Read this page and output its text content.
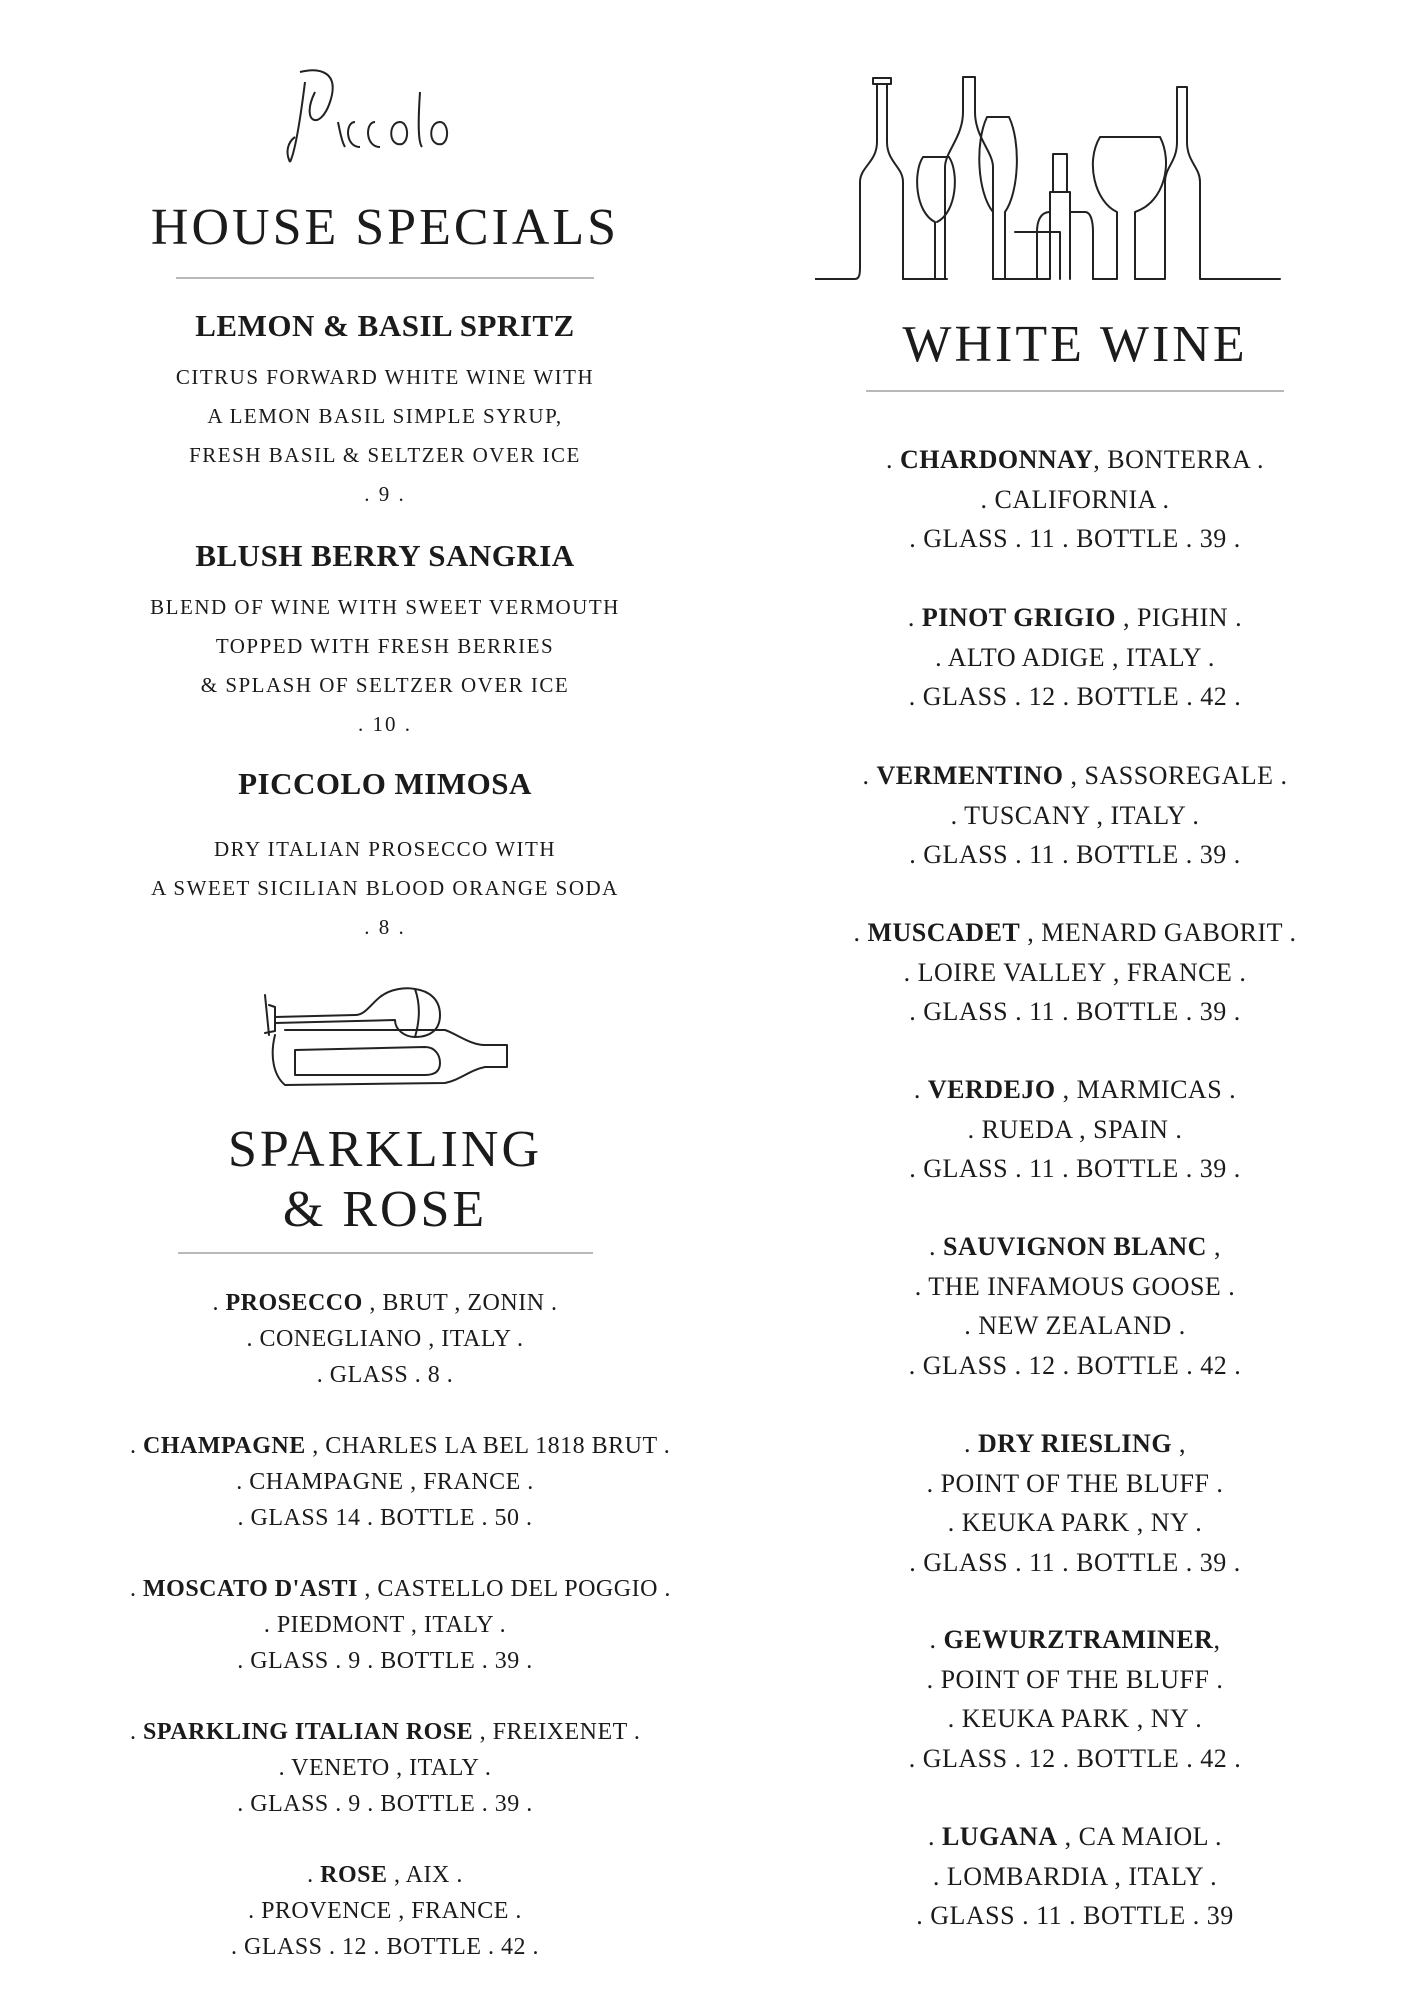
HOUSE SPECIALS

LEMON & BASIL SPRITZ

CITRUS FORWARD WHITE WINE WITH

A LEMON BASIL SIMPLE SYRUP,

FRESH BASIL & SELTZER OVER ICE

. 9 .

BLUSH BERRY SANGRIA

BLEND OF WINE WITH SWEET VERMOUTH

TOPPED WITH FRESH BERRIES

& SPLASH OF SELTZER OVER ICE

. 10 .

PICCOLO MIMOSA

DRY ITALIAN PROSECCO WITH

A SWEET SICILIAN BLOOD ORANGE SODA

. 8 .

SPARKLING
& ROSE
. PROSECCO , BRUT , ZONIN .
. CONEGLIANO , ITALY .
. GLASS . 8 .
. CHAMPAGNE , CHARLES LA BEL 1818 BRUT .
. CHAMPAGNE , FRANCE .
. GLASS 14 . BOTTLE . 50 .
. MOSCATO D'ASTI , CASTELLO DEL POGGIO .
. PIEDMONT , ITALY .
. GLASS . 9 . BOTTLE . 39 .
. SPARKLING ITALIAN ROSE , FREIXENET .
. VENETO , ITALY .
. GLASS . 9 . BOTTLE . 39 .
. ROSE , AIX .
. PROVENCE , FRANCE .
. GLASS . 12 . BOTTLE . 42 .
WHITE WINE
. CHARDONNAY, BONTERRA .
. CALIFORNIA .
. GLASS . 11 . BOTTLE . 39 .
. PINOT GRIGIO , PIGHIN .
. ALTO ADIGE , ITALY .
. GLASS . 12 . BOTTLE . 42 .
. VERMENTINO , SASSOREGALE .
. TUSCANY , ITALY .
. GLASS . 11 . BOTTLE . 39 .
. MUSCADET , MENARD GABORIT .
. LOIRE VALLEY , FRANCE .
. GLASS . 11 . BOTTLE . 39 .
. VERDEJO , MARMICAS .
. RUEDA , SPAIN .
. GLASS . 11 . BOTTLE . 39 .
. SAUVIGNON BLANC ,
. THE INFAMOUS GOOSE .
. NEW ZEALAND .
. GLASS . 12 . BOTTLE . 42 .
. DRY RIESLING ,
. POINT OF THE BLUFF .
. KEUKA PARK , NY .
. GLASS . 11 . BOTTLE . 39 .
. GEWURZTRAMINER,
. POINT OF THE BLUFF .
. KEUKA PARK , NY .
. GLASS . 12 . BOTTLE . 42 .
. LUGANA , CA MAIOL .
. LOMBARDIA , ITALY .
. GLASS . 11 . BOTTLE . 39
